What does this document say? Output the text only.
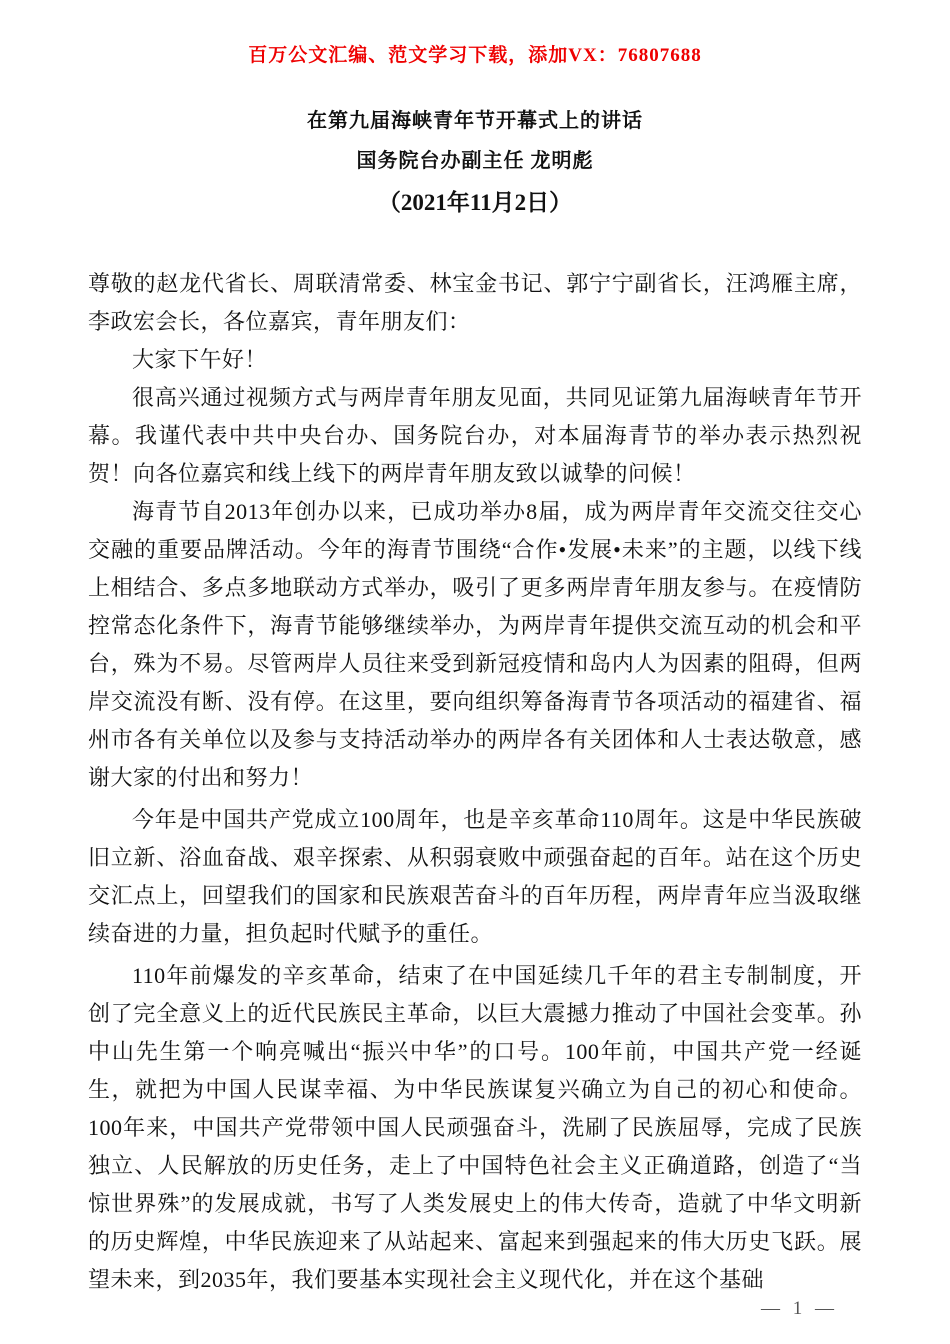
百万公文汇编、范文学习下载，添加VX：76807688
在第九届海峡青年节开幕式上的讲话
国务院台办副主任 龙明彪
（2021年11月2日）

尊敬的赵龙代省长、周联清常委、林宝金书记、郭宁宁副省长，汪鸿雁主席，李政宏会长，各位嘉宾，青年朋友们：

大家下午好！

很高兴通过视频方式与两岸青年朋友见面，共同见证第九届海峡青年节开幕。我谨代表中共中央台办、国务院台办，对本届海青节的举办表示热烈祝贺！向各位嘉宾和线上线下的两岸青年朋友致以诚挚的问候！

海青节自2013年创办以来，已成功举办8届，成为两岸青年交流交往交心交融的重要品牌活动。今年的海青节围绕“合作•发展•未来”的主题，以线下线上相结合、多点多地联动方式举办，吸引了更多两岸青年朋友参与。在疫情防控常态化条件下，海青节能够继续举办，为两岸青年提供交流互动的机会和平台，殊为不易。尽管两岸人员往来受到新冠疫情和岛内人为因素的阻碍，但两岸交流没有断、没有停。在这里，要向组织筹备海青节各项活动的福建省、福州市各有关单位以及参与支持活动举办的两岸各有关团体和人士表达敬意，感谢大家的付出和努力！

今年是中国共产党成立100周年，也是辛亥革命110周年。这是中华民族破旧立新、浴血奋战、艰辛探索、从积弱衰败中顽强奋起的百年。站在这个历史交汇点上，回望我们的国家和民族艰苦奋斗的百年历程，两岸青年应当汲取继续奋进的力量，担负起时代赋予的重任。

110年前爆发的辛亥革命，结束了在中国延续几千年的君主专制制度，开创了完全意义上的近代民族民主革命，以巨大震撼力推动了中国社会变革。孙中山先生第一个响亮喊出“振兴中华”的口号。100年前，中国共产党一经诞生，就把为中国人民谋幸福、为中华民族谋复兴确立为自己的初心和使命。100年来，中国共产党带领中国人民顽强奋斗，洗刷了民族屈辱，完成了民族独立、人民解放的历史任务，走上了中国特色社会主义正确道路，创造了“当惊世界殊”的发展成就，书写了人类发展史上的伟大传奇，造就了中华文明新的历史辉煌，中华民族迎来了从站起来、富起来到强起来的伟大历史飞跃。展望未来，到2035年，我们要基本实现社会主义现代化，并在这个基础

— 1 —
